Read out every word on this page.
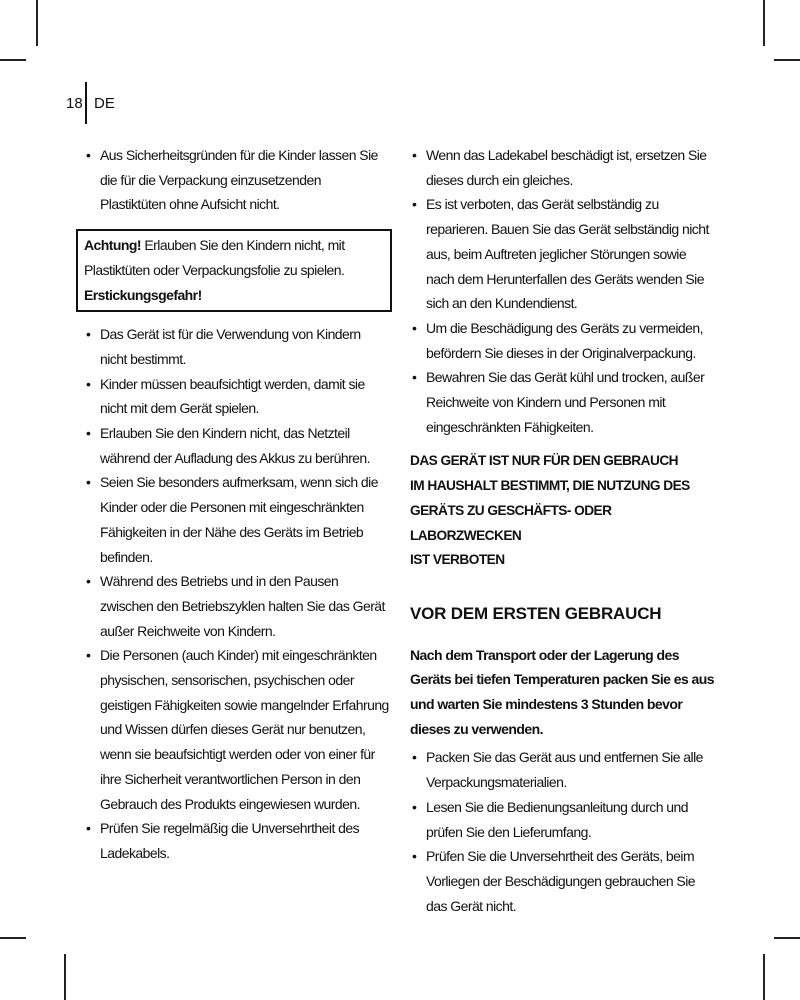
18 DE
• Aus Sicherheitsgründen für die Kinder lassen Sie die für die Verpackung einzusetzenden Plastiktüten ohne Aufsicht nicht.
Achtung! Erlauben Sie den Kindern nicht, mit Plastiktüten oder Verpackungsfolie zu spielen.
Erstickungsgefahr!
• Das Gerät ist für die Verwendung von Kindern nicht bestimmt.
• Kinder müssen beaufsichtigt werden, damit sie nicht mit dem Gerät spielen.
• Erlauben Sie den Kindern nicht, das Netzteil während der Aufladung des Akkus zu berühren.
• Seien Sie besonders aufmerksam, wenn sich die Kinder oder die Personen mit eingeschränkten Fähigkeiten in der Nähe des Geräts im Betrieb befinden.
• Während des Betriebs und in den Pausen zwischen den Betriebszyklen halten Sie das Gerät außer Reichweite von Kindern.
• Die Personen (auch Kinder) mit eingeschränkten physischen, sensorischen, psychischen oder geistigen Fähigkeiten sowie mangelnder Erfahrung und Wissen dürfen dieses Gerät nur benutzen, wenn sie beaufsichtigt werden oder von einer für ihre Sicherheit verantwortlichen Person in den Gebrauch des Produkts eingewiesen wurden.
• Prüfen Sie regelmäßig die Unversehrtheit des Ladekabels.
• Wenn das Ladekabel beschädigt ist, ersetzen Sie dieses durch ein gleiches.
• Es ist verboten, das Gerät selbständig zu reparieren. Bauen Sie das Gerät selbständig nicht aus, beim Auftreten jeglicher Störungen sowie nach dem Herunterfallen des Geräts wenden Sie sich an den Kundendienst.
• Um die Beschädigung des Geräts zu vermeiden, befördern Sie dieses in der Originalverpackung.
• Bewahren Sie das Gerät kühl und trocken, außer Reichweite von Kindern und Personen mit eingeschränkten Fähigkeiten.
DAS GERÄT IST NUR FÜR DEN GEBRAUCH
IM HAUSHALT BESTIMMT, DIE NUTZUNG DES
GERÄTS ZU GESCHÄFTS- ODER LABORZWECKEN
IST VERBOTEN
VOR DEM ERSTEN GEBRAUCH
Nach dem Transport oder der Lagerung des Geräts bei tiefen Temperaturen packen Sie es aus und warten Sie mindestens 3 Stunden bevor dieses zu verwenden.
• Packen Sie das Gerät aus und entfernen Sie alle Verpackungsmaterialien.
• Lesen Sie die Bedienungsanleitung durch und prüfen Sie den Lieferumfang.
• Prüfen Sie die Unversehrtheit des Geräts, beim Vorliegen der Beschädigungen gebrauchen Sie das Gerät nicht.
